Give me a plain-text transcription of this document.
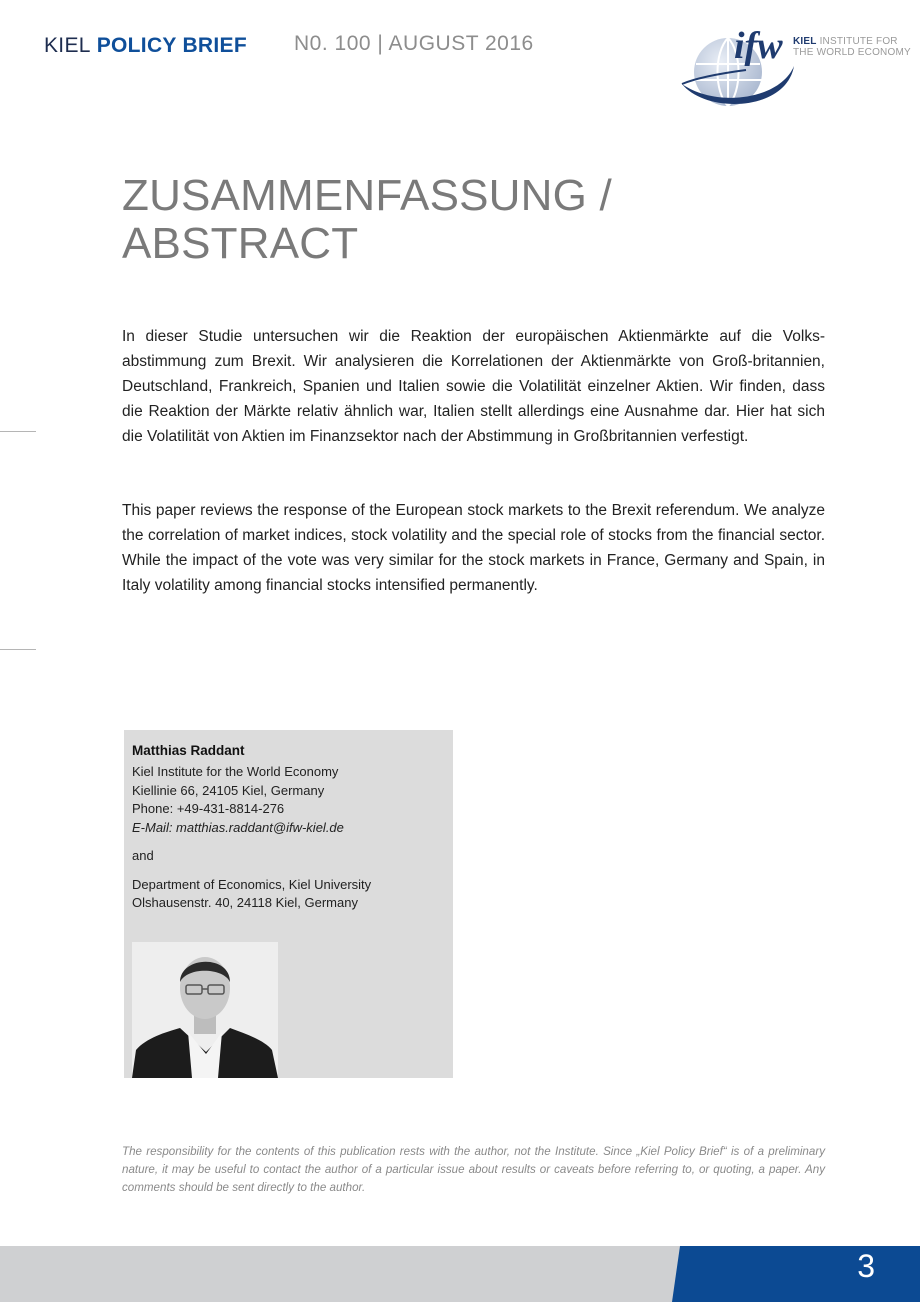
KIEL POLICY BRIEF N0. 100 | AUGUST 2016	ifw KIEL INSTITUTE FOR
THE WORLD ECONOMY
ZUSAMMENFASSUNG /
ABSTRACT

In dieser Studie untersuchen wir die Reaktion der europäischen Aktienmärkte auf die Volks-abstimmung zum Brexit. Wir analysieren die Korrelationen der Aktienmärkte von Groß-britannien, Deutschland, Frankreich, Spanien und Italien sowie die Volatilität einzelner Aktien. Wir finden, dass die Reaktion der Märkte relativ ähnlich war, Italien stellt allerdings eine Ausnahme dar. Hier hat sich die Volatilität von Aktien im Finanzsektor nach der Abstimmung in Großbritannien verfestigt.

This paper reviews the response of the European stock markets to the Brexit referendum. We analyze the correlation of market indices, stock volatility and the special role of stocks from the financial sector. While the impact of the vote was very similar for the stock markets in France, Germany and Spain, in Italy volatility among financial stocks intensified permanently.

Matthias Raddant
Kiel Institute for the World Economy
Kiellinie 66, 24105 Kiel, Germany
Phone: +49-431-8814-276
E-Mail: matthias.raddant@ifw-kiel.de
and
Department of Economics, Kiel University
Olshausenstr. 40, 24118 Kiel, Germany

The responsibility for the contents of this publication rests with the author, not the Institute. Since „Kiel Policy Brief“ is of a preliminary nature, it may be useful to contact the author of a particular issue about results or caveats before referring to, or quoting, a paper. Any comments should be sent directly to the author.

3
